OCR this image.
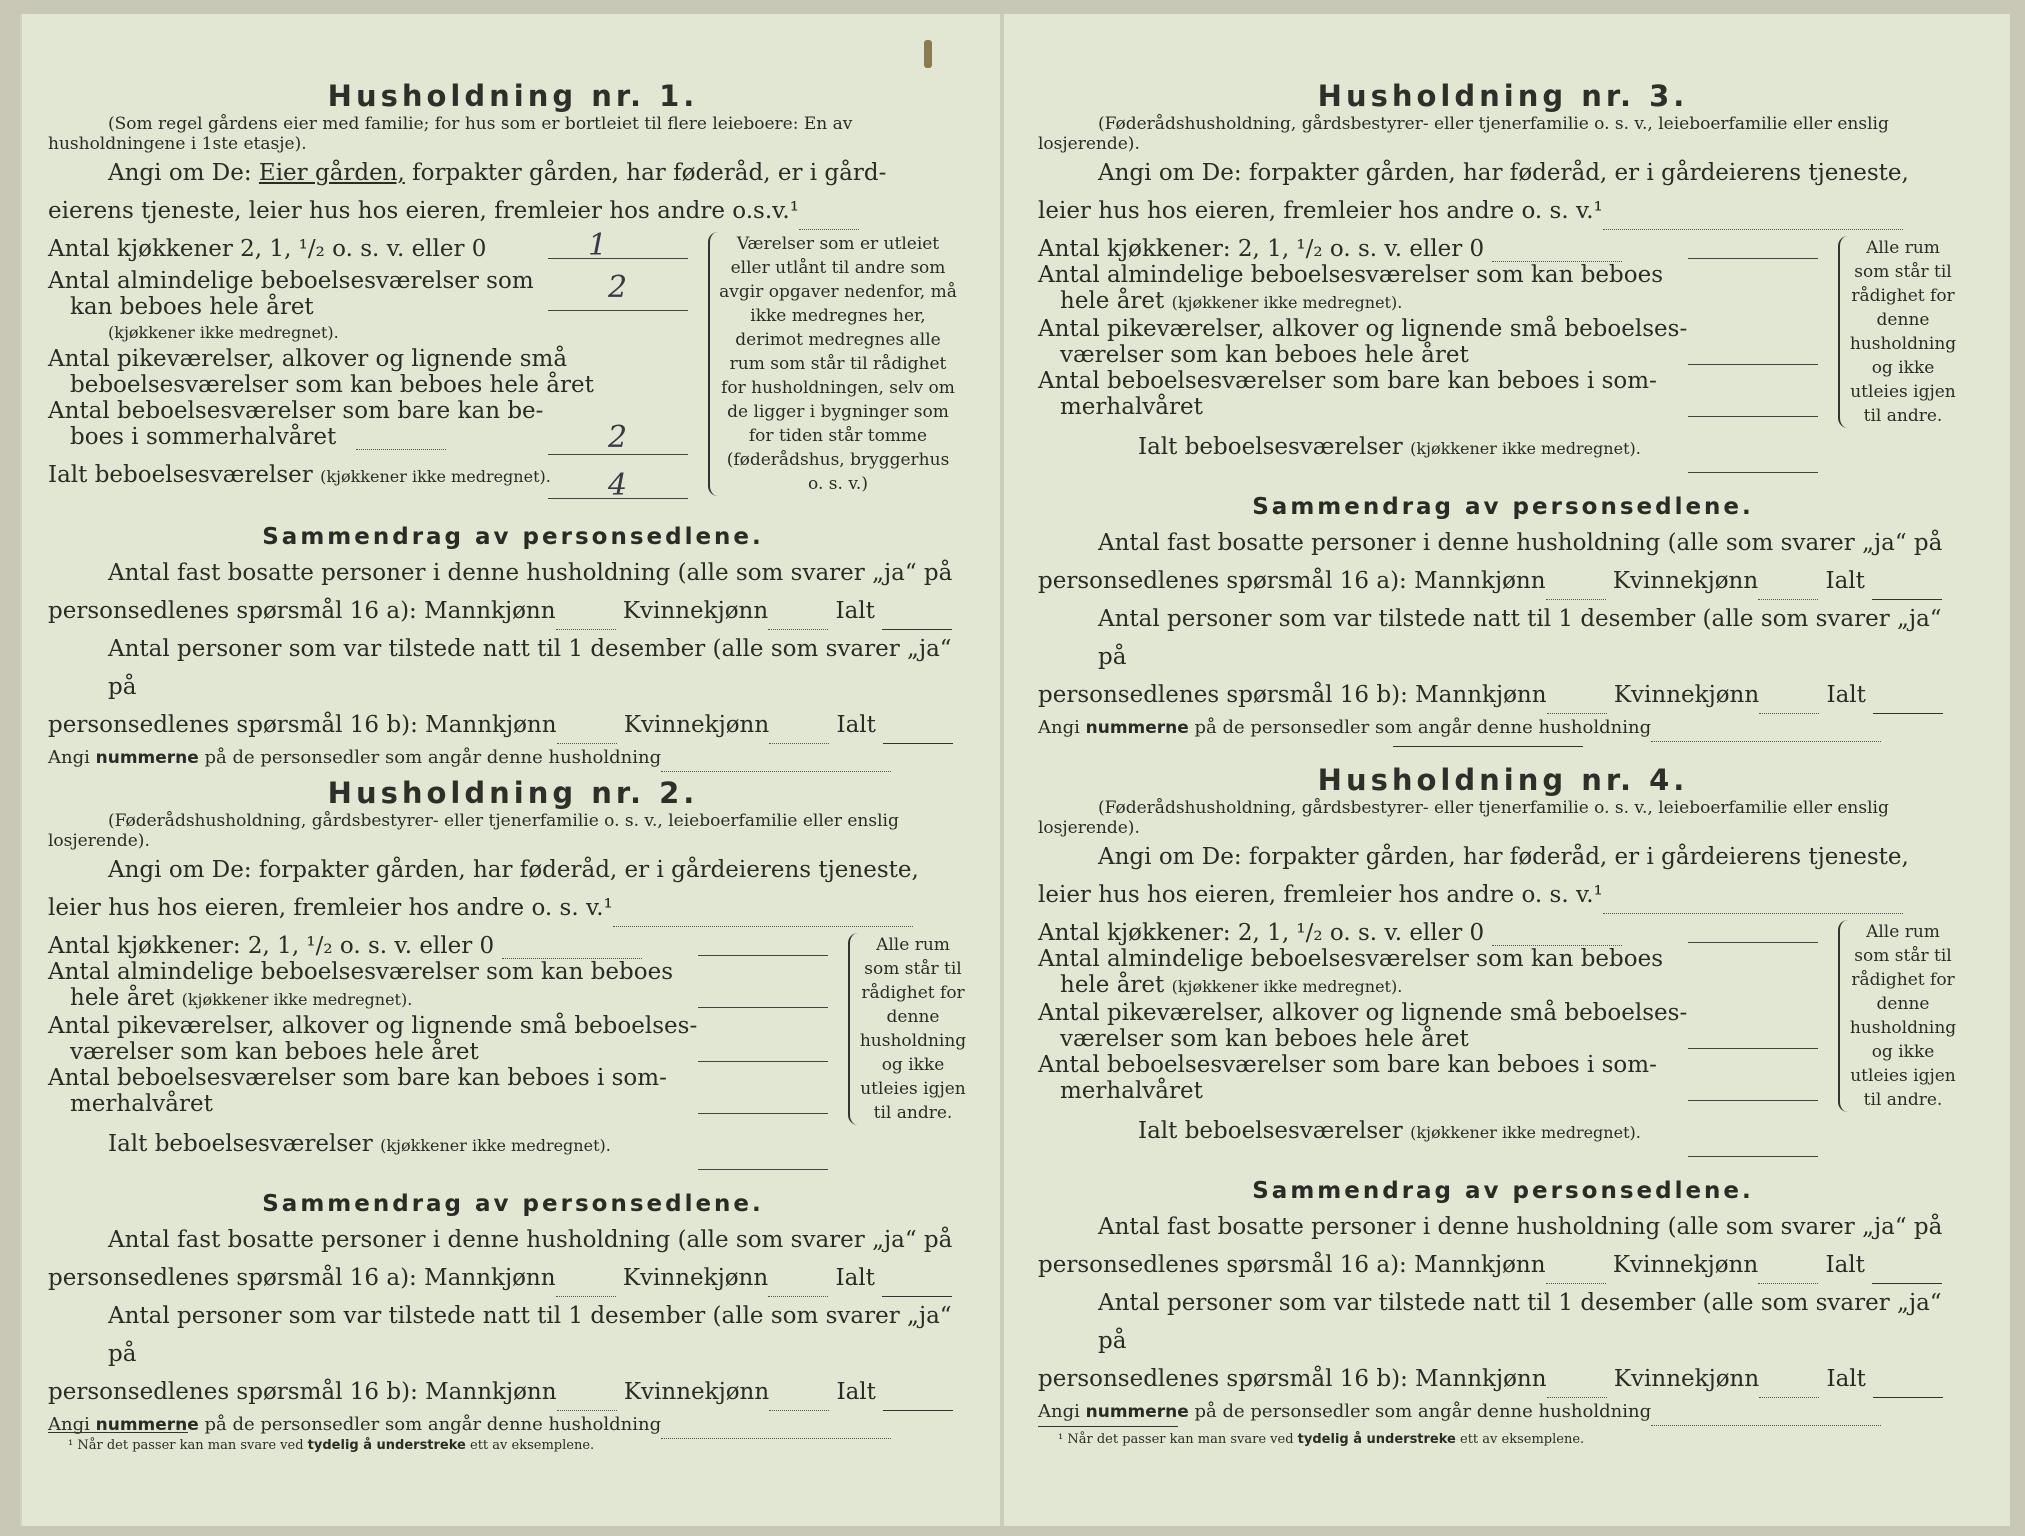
Husholdning nr. 1.
(Som regel gårdens eier med familie; for hus som er bortleiet til flere leieboere: En av husholdningene i 1ste etasje).
Angi om De: Eier gården, forpakter gården, har føderåd, er i gård-
eierens tjeneste, leier hus hos eieren, fremleier hos andre o.s.v.¹
Antal kjøkkener 2, 1, ¹/₂ o. s. v. eller 0	1
Antal almindelige beboelsesværelser som
kan beboes hele året
2
(kjøkkener ikke medregnet).
Antal pikeværelser, alkover og lignende små
beboelsesværelser som kan beboes hele året
Antal beboelsesværelser som bare kan be-
boes i sommerhalvåret	2
Ialt beboelsesværelser (kjøkkener ikke medregnet).	4
Værelser som er utleiet eller utlånt til andre som avgir opgaver nedenfor, må ikke medregnes her, derimot medregnes alle rum som står til rådighet for husholdningen, selv om de ligger i bygninger som for tiden står tomme (føderådshus, bryggerhus o. s. v.)
Sammendrag av personsedlene.
Antal fast bosatte personer i denne husholdning (alle som svarer „ja“ på
personsedlenes spørsmål 16 a): Mannkjønn	Kvinnekjønn	Ialt
Antal personer som var tilstede natt til 1 desember (alle som svarer „ja“ på
personsedlenes spørsmål 16 b): Mannkjønn	Kvinnekjønn	Ialt
Angi nummerne på de personsedler som angår denne husholdning
Husholdning nr. 2.
(Føderådshusholdning, gårdsbestyrer- eller tjenerfamilie o. s. v., leieboerfamilie eller enslig losjerende).
Angi om De: forpakter gården, har føderåd, er i gårdeierens tjeneste,
leier hus hos eieren, fremleier hos andre o. s. v.¹
Antal kjøkkener: 2, 1, ¹/₂ o. s. v. eller 0
Antal almindelige beboelsesværelser som kan beboes
hele året (kjøkkener ikke medregnet).
Antal pikeværelser, alkover og lignende små beboelses-
værelser som kan beboes hele året
Antal beboelsesværelser som bare kan beboes i som-
merhalvåret
Ialt beboelsesværelser (kjøkkener ikke medregnet).
Alle rum som står til rådighet for denne husholdning og ikke utleies igjen til andre.
Sammendrag av personsedlene.
Antal fast bosatte personer i denne husholdning (alle som svarer „ja“ på
personsedlenes spørsmål 16 a): Mannkjønn	Kvinnekjønn	Ialt
Antal personer som var tilstede natt til 1 desember (alle som svarer „ja“ på
personsedlenes spørsmål 16 b): Mannkjønn	Kvinnekjønn	Ialt
Angi nummerne på de personsedler som angår denne husholdning
¹ Når det passer kan man svare ved tydelig å understreke ett av eksemplene.
Husholdning nr. 3.
(Føderådshusholdning, gårdsbestyrer- eller tjenerfamilie o. s. v., leieboerfamilie eller enslig losjerende).
Angi om De: forpakter gården, har føderåd, er i gårdeierens tjeneste,
leier hus hos eieren, fremleier hos andre o. s. v.¹
Antal kjøkkener: 2, 1, ¹/₂ o. s. v. eller 0
Antal almindelige beboelsesværelser som kan beboes
hele året (kjøkkener ikke medregnet).
Antal pikeværelser, alkover og lignende små beboelses-
værelser som kan beboes hele året
Antal beboelsesværelser som bare kan beboes i som-
merhalvåret
Ialt beboelsesværelser (kjøkkener ikke medregnet).
Alle rum som står til rådighet for denne husholdning og ikke utleies igjen til andre.
Sammendrag av personsedlene.
Antal fast bosatte personer i denne husholdning (alle som svarer „ja“ på
personsedlenes spørsmål 16 a): Mannkjønn	Kvinnekjønn	Ialt
Antal personer som var tilstede natt til 1 desember (alle som svarer „ja“ på
personsedlenes spørsmål 16 b): Mannkjønn	Kvinnekjønn	Ialt
Angi nummerne på de personsedler som angår denne husholdning
Husholdning nr. 4.
(Føderådshusholdning, gårdsbestyrer- eller tjenerfamilie o. s. v., leieboerfamilie eller enslig losjerende).
Angi om De: forpakter gården, har føderåd, er i gårdeierens tjeneste,
leier hus hos eieren, fremleier hos andre o. s. v.¹
Antal kjøkkener: 2, 1, ¹/₂ o. s. v. eller 0
Antal almindelige beboelsesværelser som kan beboes
hele året (kjøkkener ikke medregnet).
Antal pikeværelser, alkover og lignende små beboelses-
værelser som kan beboes hele året
Antal beboelsesværelser som bare kan beboes i som-
merhalvåret
Ialt beboelsesværelser (kjøkkener ikke medregnet).
Alle rum som står til rådighet for denne husholdning og ikke utleies igjen til andre.
Sammendrag av personsedlene.
Antal fast bosatte personer i denne husholdning (alle som svarer „ja“ på
personsedlenes spørsmål 16 a): Mannkjønn	Kvinnekjønn	Ialt
Antal personer som var tilstede natt til 1 desember (alle som svarer „ja“ på
personsedlenes spørsmål 16 b): Mannkjønn	Kvinnekjønn	Ialt
Angi nummerne på de personsedler som angår denne husholdning
¹ Når det passer kan man svare ved tydelig å understreke ett av eksemplene.
